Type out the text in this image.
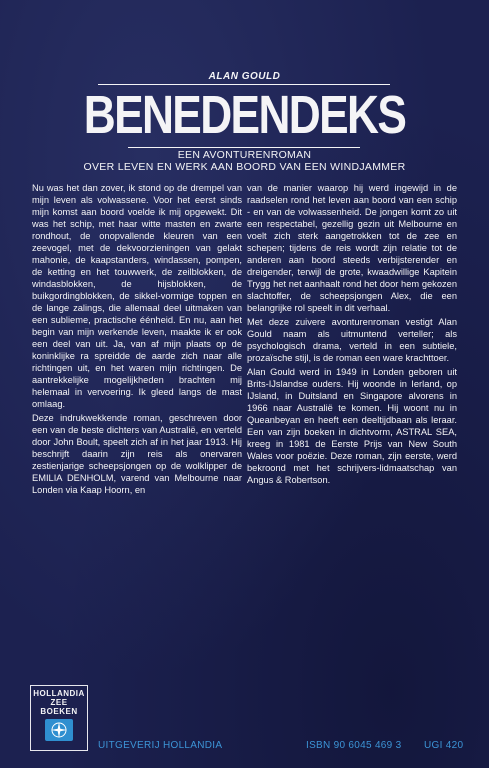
ALAN GOULD
BENEDENDEKS
EEN AVONTURENROMAN
OVER LEVEN EN WERK AAN BOORD VAN EEN WINDJAMMER

Nu was het dan zover, ik stond op de drempel van mijn leven als volwassene. Voor het eerst sinds mijn komst aan boord voelde ik mij opgewekt. Dit was het schip, met haar witte masten en zwarte rondhout, de onopvallende kleuren van een zeevogel, met de dekvoorzieningen van gelakt mahonie, de kaapstanders, windassen, pompen, de ketting en het touwwerk, de zeilblokken, de windasblokken, de hijsblokken, de buikgordingblokken, de sikkel-vormige toppen en de lange zalings, die allemaal deel uitmaken van een sublieme, practische éénheid. En nu, aan het begin van mijn werkende leven, maakte ik er ook een deel van uit. Ja, van af mijn plaats op de koninklijke ra spreidde de aarde zich naar alle richtingen uit, en het waren mijn richtingen. De aantrekkelijke mogelijkheden brachten mij helemaal in vervoering. Ik gleed langs de mast omlaag.

Deze indrukwekkende roman, geschreven door een van de beste dichters van Australië, en verteld door John Boult, speelt zich af in het jaar 1913. Hij beschrijft daarin zijn reis als onervaren zestienjarige scheepsjongen op de wolklipper de EMILIA DENHOLM, varend van Melbourne naar Londen via Kaap Hoorn, en

van de manier waarop hij werd ingewijd in de raadselen rond het leven aan boord van een schip - en van de volwassenheid. De jongen komt zo uit een respectabel, gezellig gezin uit Melbourne en voelt zich sterk aangetrokken tot de zee en schepen; tijdens de reis wordt zijn relatie tot de anderen aan boord steeds verbijsterender en dreigender, terwijl de grote, kwaadwillige Kapitein Trygg het net aanhaalt rond het door hem gekozen slachtoffer, de scheepsjongen Alex, die een belangrijke rol speelt in dit verhaal.

Met deze zuivere avonturenroman vestigt Alan Gould naam als uitmuntend verteller; als psychologisch drama, verteld in een subtiele, prozaïsche stijl, is de roman een ware krachttoer.

Alan Gould werd in 1949 in Londen geboren uit Brits-IJslandse ouders. Hij woonde in Ierland, op IJsland, in Duitsland en Singapore alvorens in 1966 naar Australië te komen. Hij woont nu in Queanbeyan en heeft een deeltijdbaan als leraar. Een van zijn boeken in dichtvorm, ASTRAL SEA, kreeg in 1981 de Eerste Prijs van New South Wales voor poëzie. Deze roman, zijn eerste, werd bekroond met het schrijvers-lidmaatschap van Angus & Robertson.

HOLLANDIA
ZEE
BOEKEN
UITGEVERIJ HOLLANDIA	ISBN 90 6045 469 3 UGI 420
